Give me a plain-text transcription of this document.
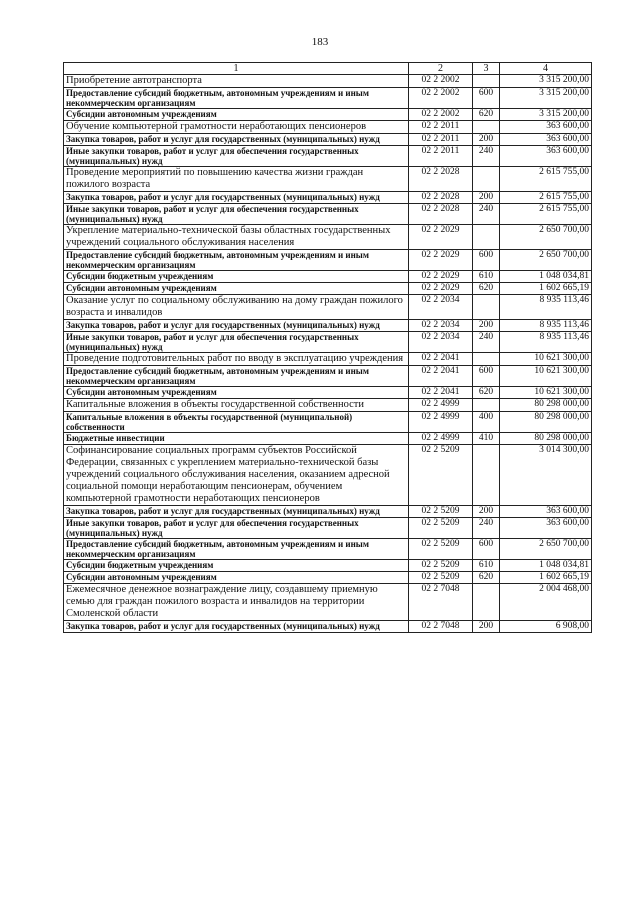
183
1	2	3	4
Приобретение автотранспорта	02 2 2002		3 315 200,00
Предоставление субсидий бюджетным, автономным учреждениям и иным некоммерческим организациям	02 2 2002	600	3 315 200,00
Субсидии автономным учреждениям	02 2 2002	620	3 315 200,00
Обучение компьютерной грамотности неработающих пенсионеров	02 2 2011		363 600,00
Закупка товаров, работ и услуг для государственных (муниципальных) нужд	02 2 2011	200	363 600,00
Иные закупки товаров, работ и услуг для обеспечения государственных (муниципальных) нужд	02 2 2011	240	363 600,00
Проведение мероприятий по повышению качества жизни граждан пожилого возраста	02 2 2028		2 615 755,00
Закупка товаров, работ и услуг для государственных (муниципальных) нужд	02 2 2028	200	2 615 755,00
Иные закупки товаров, работ и услуг для обеспечения государственных (муниципальных) нужд	02 2 2028	240	2 615 755,00
Укрепление материально-технической базы областных государственных учреждений социального обслуживания населения	02 2 2029		2 650 700,00
Предоставление субсидий бюджетным, автономным учреждениям и иным некоммерческим организациям	02 2 2029	600	2 650 700,00
Субсидии бюджетным учреждениям	02 2 2029	610	1 048 034,81
Субсидии автономным учреждениям	02 2 2029	620	1 602 665,19
Оказание услуг по социальному обслуживанию на дому граждан пожилого возраста и инвалидов	02 2 2034		8 935 113,46
Закупка товаров, работ и услуг для государственных (муниципальных) нужд	02 2 2034	200	8 935 113,46
Иные закупки товаров, работ и услуг для обеспечения государственных (муниципальных) нужд	02 2 2034	240	8 935 113,46
Проведение подготовительных работ по вводу в эксплуатацию учреждения	02 2 2041		10 621 300,00
Предоставление субсидий бюджетным, автономным учреждениям и иным некоммерческим организациям	02 2 2041	600	10 621 300,00
Субсидии автономным учреждениям	02 2 2041	620	10 621 300,00
Капитальные вложения в объекты государственной собственности	02 2 4999		80 298 000,00
Капитальные вложения в объекты государственной (муниципальной) собственности	02 2 4999	400	80 298 000,00
Бюджетные инвестиции	02 2 4999	410	80 298 000,00
Софинансирование социальных программ субъектов Российской Федерации, связанных с укреплением материально-технической базы учреждений социального обслуживания населения, оказанием адресной социальной помощи неработающим пенсионерам, обучением компьютерной грамотности неработающих пенсионеров	02 2 5209		3 014 300,00
Закупка товаров, работ и услуг для государственных (муниципальных) нужд	02 2 5209	200	363 600,00
Иные закупки товаров, работ и услуг для обеспечения государственных (муниципальных) нужд	02 2 5209	240	363 600,00
Предоставление субсидий бюджетным, автономным учреждениям и иным некоммерческим организациям	02 2 5209	600	2 650 700,00
Субсидии бюджетным учреждениям	02 2 5209	610	1 048 034,81
Субсидии автономным учреждениям	02 2 5209	620	1 602 665,19
Ежемесячное денежное вознаграждение лицу, создавшему приемную семью для граждан пожилого возраста и инвалидов на территории Смоленской области	02 2 7048		2 004 468,00
Закупка товаров, работ и услуг для государственных (муниципальных) нужд	02 2 7048	200	6 908,00
